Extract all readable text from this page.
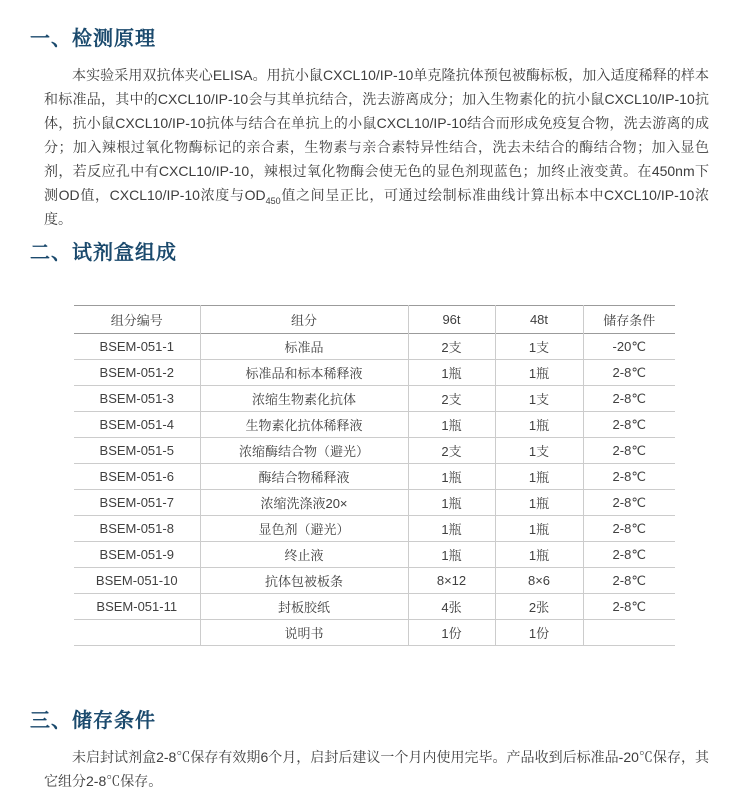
一、检测原理

本实验采用双抗体夹心ELISA。用抗小鼠CXCL10/IP-10单克隆抗体预包被酶标板，加入适度稀释的样本和标准品，其中的CXCL10/IP-10会与其单抗结合，洗去游离成分；加入生物素化的抗小鼠CXCL10/IP-10抗体，抗小鼠CXCL10/IP-10抗体与结合在单抗上的小鼠CXCL10/IP-10结合而形成免疫复合物，洗去游离的成分；加入辣根过氧化物酶标记的亲合素，生物素与亲合素特异性结合，洗去未结合的酶结合物；加入显色剂，若反应孔中有CXCL10/IP-10，辣根过氧化物酶会使无色的显色剂现蓝色；加终止液变黄。在450nm下测OD值，CXCL10/IP-10浓度与$OD_{450}$值之间呈正比，可通过绘制标准曲线计算出标本中CXCL10/IP-10浓度。

二、试剂盒组成
组分编号	组分	96t	48t	储存条件
BSEM-051-1	标准品	2支	1支	-20℃
BSEM-051-2	标准品和标本稀释液	1瓶	1瓶	2-8℃
BSEM-051-3	浓缩生物素化抗体	2支	1支	2-8℃
BSEM-051-4	生物素化抗体稀释液	1瓶	1瓶	2-8℃
BSEM-051-5	浓缩酶结合物（避光）	2支	1支	2-8℃
BSEM-051-6	酶结合物稀释液	1瓶	1瓶	2-8℃
BSEM-051-7	浓缩洗涤液20×	1瓶	1瓶	2-8℃
BSEM-051-8	显色剂（避光）	1瓶	1瓶	2-8℃
BSEM-051-9	终止液	1瓶	1瓶	2-8℃
BSEM-051-10	抗体包被板条	8×12	8×6	2-8℃
BSEM-051-11	封板胶纸	4张	2张	2-8℃
	说明书	1份	1份	
三、储存条件

未启封试剂盒2-8℃保存有效期6个月，启封后建议一个月内使用完毕。产品收到后标准品-20℃保存，其它组分2-8℃保存。
